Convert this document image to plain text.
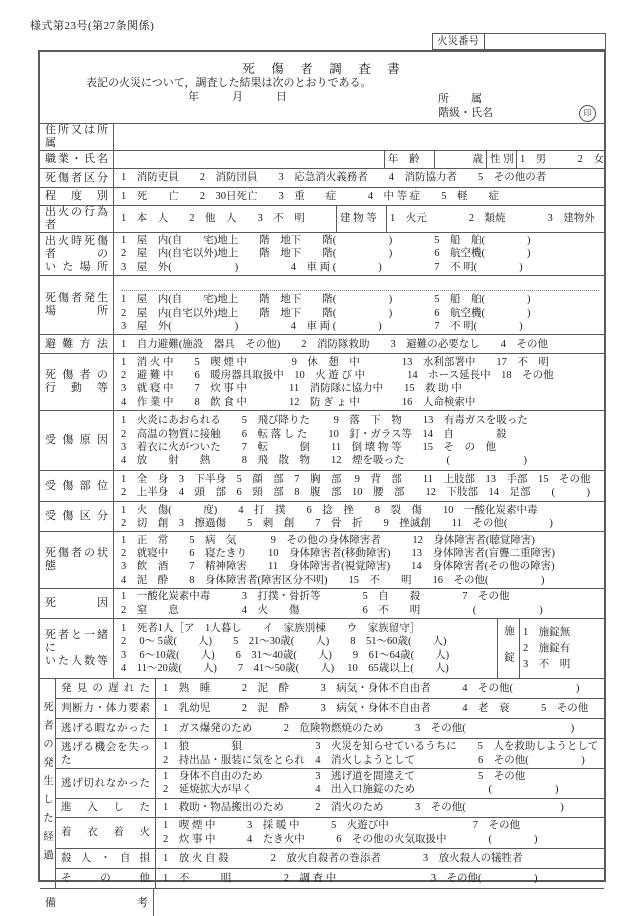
様式第23号(第27条関係)
火災番号
死　傷　者　調　査　書
表記の火災について，調査した結果は次のとおりである。
年　　　月　　　日	所　　属
階級・氏名	印
住所又は所属
職業・氏名	年　齢	歳 性 別 1　男　　　2　女
死傷者区分 1　消防吏員　　2　消防団員　　3　応急消火義務者　　4　消防協力者　　5　その他の者
程度別 1　死　　亡　　2　30日死亡　　3　重　　症　　　4　中 等 症　　5　軽　　症
出火の行為者
1　本　人　　2　他　人　　3　不　明	建 物 等	1　火元　　　　2　類焼　　　　3　建物外
出火時死傷者の
いた場所
1　屋　内(自　　宅)地上　　階　地下　　階(　　　　　)　　　　5　船　舶(　　　　)
2　屋　内(自宅以外)地上　　階　地下　　階(　　　　　)　　　　6　航空機(　　　　)
3　屋　外(　　　　　　)　　　　　4　車 両 (　　　　)　　　　　7　不 明(　　　　)
死傷者発生場所
1　屋　内(自　　宅)地上　　階　地下　　階(　　　　　)　　　　5　船　舶(　　　　)
2　屋　内(自宅以外)地上　　階　地下　　階(　　　　　)　　　　6　航空機(　　　　)
3　屋　外(　　　　　　)　　　　　4　車 両 (　　　　)　　　　　7　不 明(　　　　)
避難方法 1　自力避難(施設　器具　その他)　　2　消防隊救助　　3　避難の必要なし　　4　その他
死傷者の
行動等
1　消 火 中　　5　喫 煙 中　　　　 9　休　憩　中　　　　13　水利部署中　　17　不　明
2　避 難 中　　6　暖房器具取扱中　10　火 遊 び 中　　　　14　ホース延長中　18　その他
3　就 寝 中　　7　炊 事 中　　　　11　消防隊に協力中　　15　救 助 中
4　作 業 中　　8　飲 食 中　　　　12　防 ぎ ょ 中　　　　16　人命検索中
受傷原因
1　火炎にあおられる　　5　飛び降りた　　 9　落　下　物　　13　有毒ガスを吸った
2　高温の物質に接触　　6　転 落 し た　　10　釘・ガラス等　14　自　　　　殺
3　着衣に火がついた　　7　転　　　倒　　11　倒 壊 物 等　　15　そ　の　他
4　放　　射　　熱　　　8　飛　散　物　　12　煙を吸った　　　　(　　　　　　　)
受傷部位
1　全　身　3　下半身　5　顔　部　7　胸　部　 9　背　部　　11　上肢部　13　手部　15　その他
2　上半身　4　頭　部　6　頸　部　8　腹　部　10　腰　部　　12　下肢部　14　足部　　(　　　)
受傷区分
1　火　傷(　　　度)　　4　打　撲　　6　捻　挫　　8　裂　傷　　10　一酸化炭素中毒
2　切　創　3　擦過傷　　5　刺　創　　7　骨　折　　9　挫滅創　　11　その他(　　　　)
死傷者の状態
1　正　常　　5　病　気　　　 9　その他の身体障害者　　　12　身体障害者(聴覚障害)
2　就寝中　　6　寝たきり　　10　身体障害者(移動障害)　　13　身体障害者(盲聾二重障害)
3　飲　酒　　7　精神障害　　11　身体障害者(視覚障害)　　14　身体障害者(その他の障害)
4　泥　酔　　8　身体障害者(障害区分不明)　　15　不　　明　　16　その他(　　　　　)
死因
1　一酸化炭素中毒　　　3　打撲・骨折等　　　　5　自　　殺　　　　7　その他
2　窒　　息　　　　　　4　火　　傷　　　　　　6　不　　明　　　　　(　　　　　　)
死者と一緒に
いた人数等
1　死者1人［ア　1人暮し　　イ　家族別棟　　ウ　家族留守］
2　 0～ 5歳(　　人)　　5　21～30歳(　　人)　　8　51～60歳(　　人)
3　 6～10歳(　　人)　　6　31～40歳(　　人)　　9　61～64歳(　　人)
4　11～20歳(　　人)　　7　41～50歳(　　人)　 10　65歳以上(　　人)	施錠 1　施錠無
2　施錠有
3　不　明
死者の発生した経過
発見の遅れた 1　熟　睡　　　2　泥　酔　　　3　病気・身体不自由者　　　4　その他(　　　　　　)
判断力・体力要素 1　乳幼児　　　2　泥　酔　　　3　病気・身体不自由者　　　4　老　衰　　　5　その他
逃げる暇なかった 1　ガス爆発のため　　　2　危険物燃焼のため　　　3　その他(　　　　　　　　　　)
逃げる機会を失った
1　狼　　　　狽　　　　　　　3　火災を知らせているうちに　　5　人を救助しようとして
2　持出品・服装に気をとられ　4　消火しようとして　　　　　　6　その他(　　　　　)
逃げ切れなかった
1　身体不自由のため　　　　　3　逃げ道を間違えて　　　　　　5　その他
2　延焼拡大が早く　　　　　　4　出入口施錠のため　　　　　　　(　　　　　　)
進入した 1　救助・物品搬出のため　　　2　消火のため　　　3　その他(　　　　　　　　　)
着衣着火
1　喫 煙 中　　　3　採 暖 中　　　5　火遊び中　　　　　　　　7　その他
2　炊 事 中　　　4　たき火中　　　6　その他の火気取扱中　　　　(　　　　)
殺人・自損 1　放 火 自 殺　　　　2　放火自殺者の巻添者　　　　3　放火殺人の犠牲者
その他 1　不　　　明　　　　　2　調 査 中　　　　　　　　　3　その他(　　　　　)
備考
